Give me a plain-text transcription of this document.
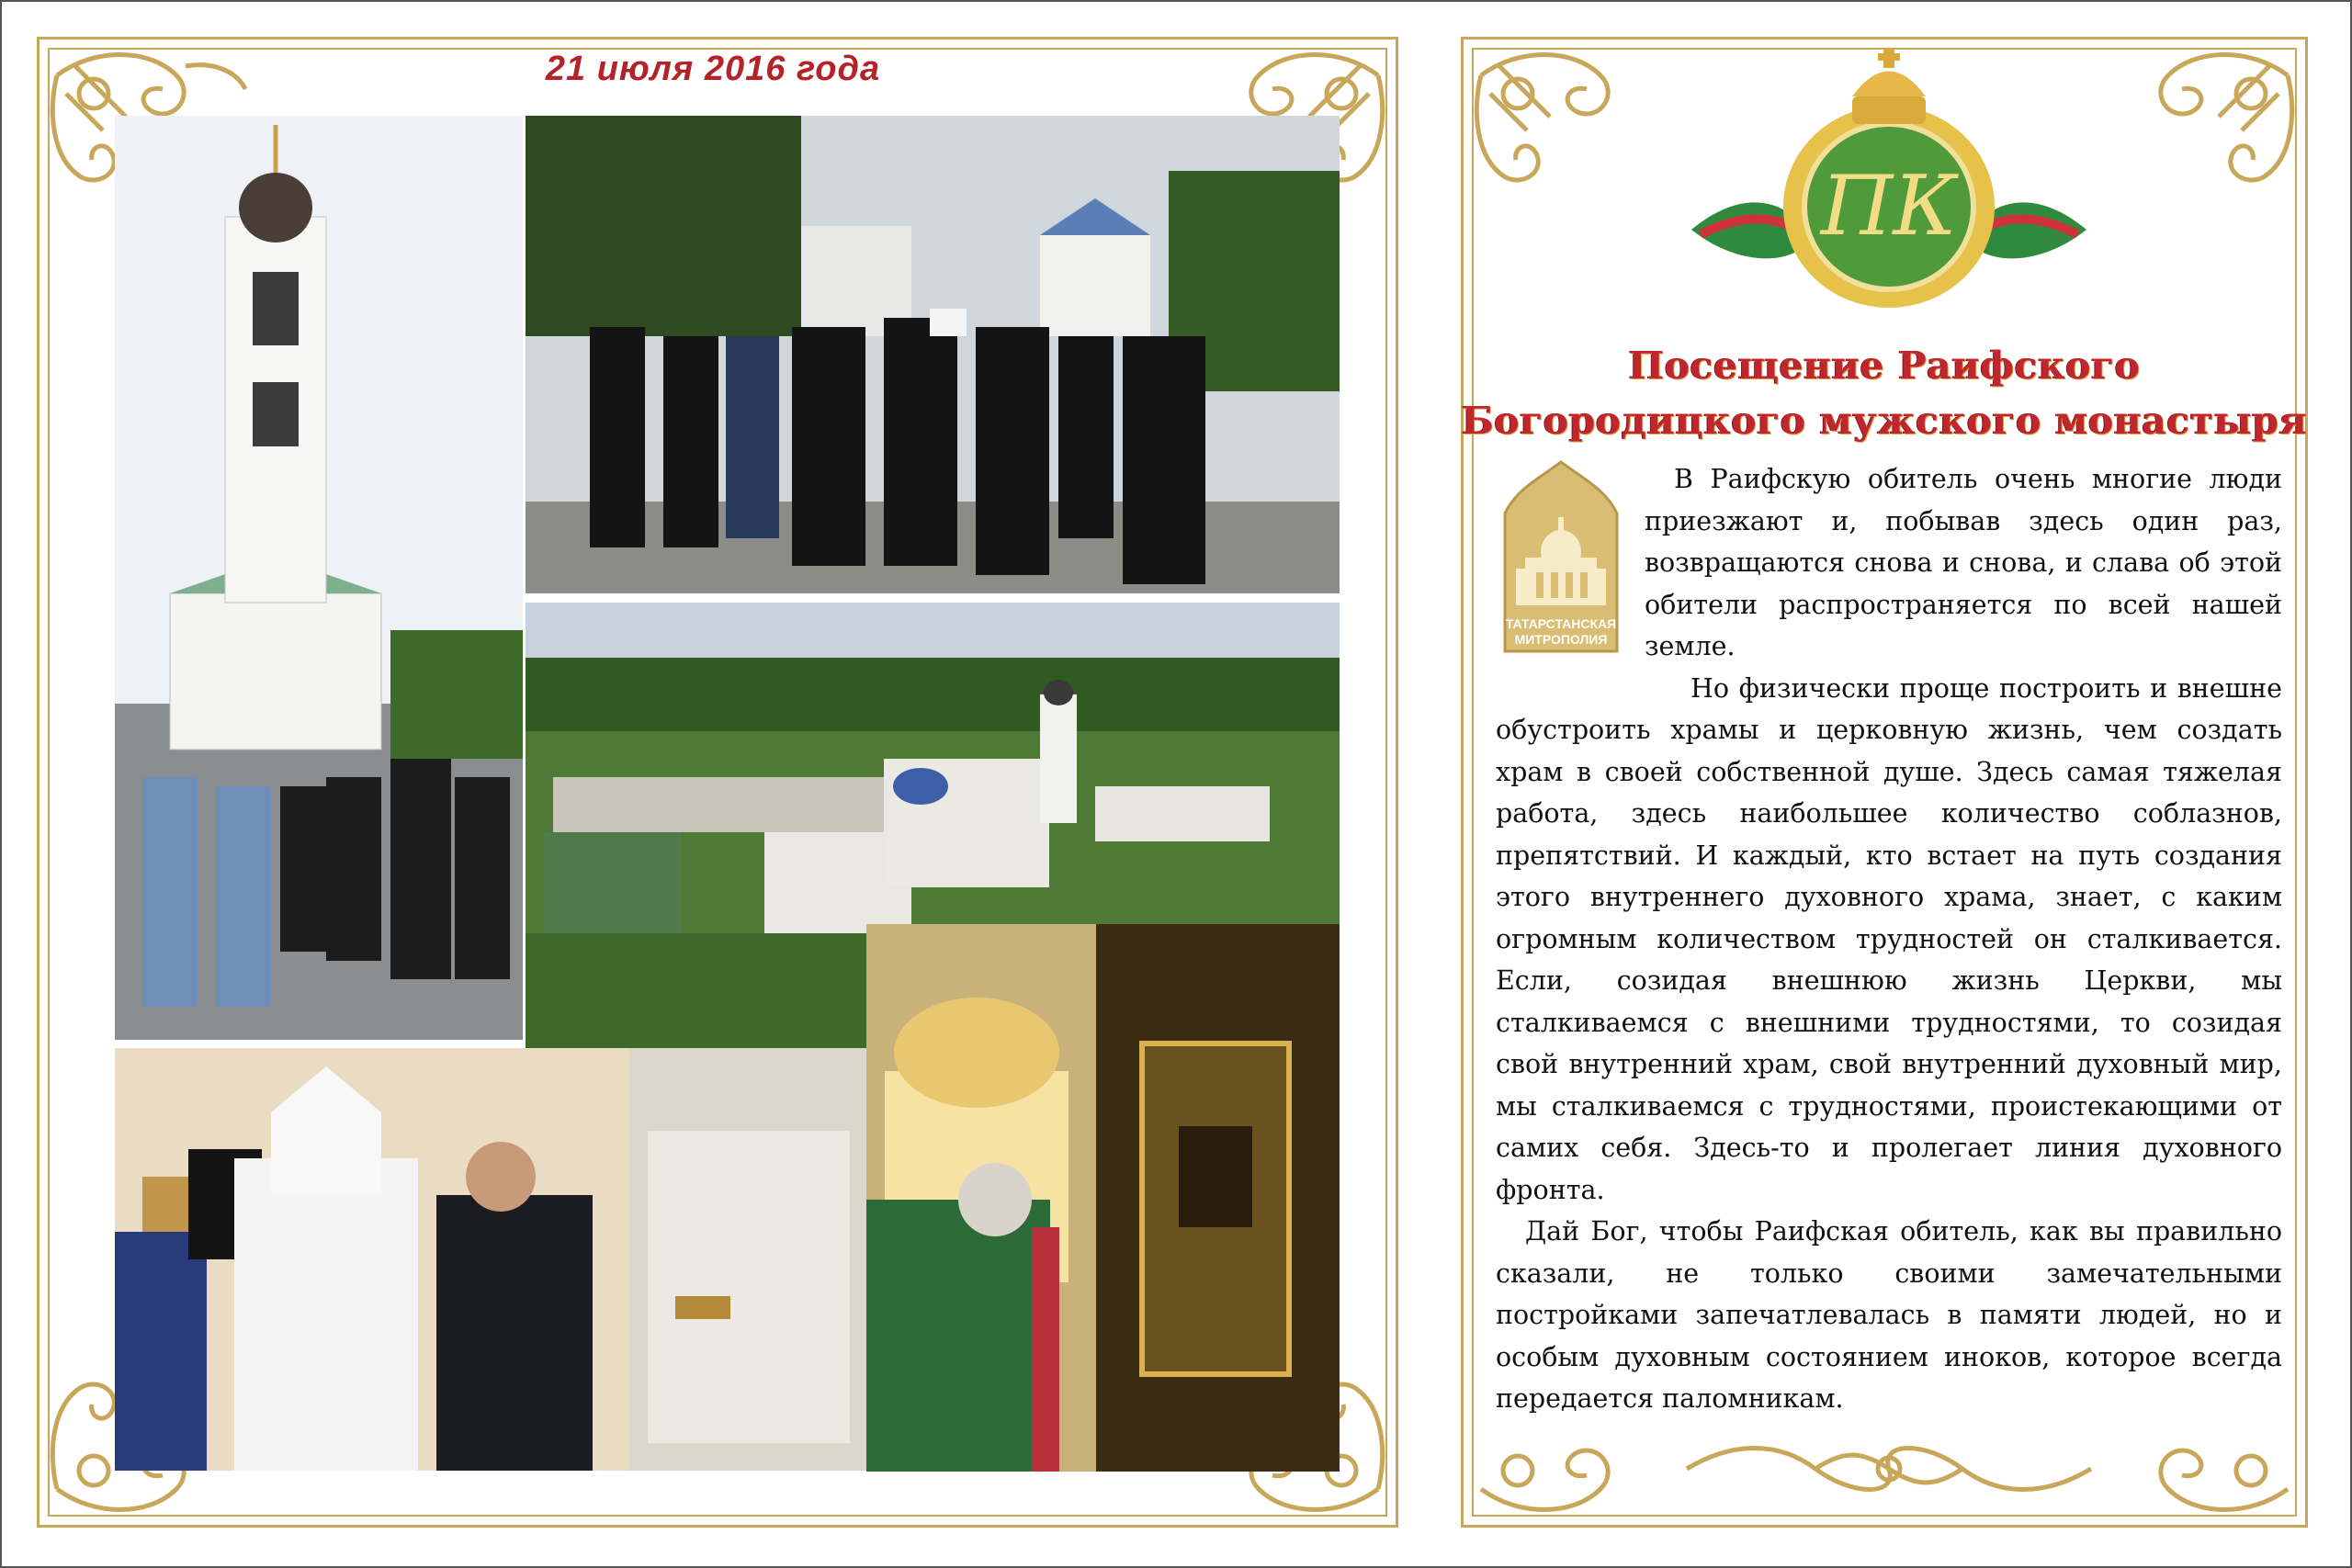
21 июля 2016 года
ПК
Посещение Раифского
Богородицкого мужского монастыря
ТАТАРСТАНСКАЯ
МИТРОПОЛИЯ

В Раифскую обитель очень многие люди приезжают и, побывав здесь один раз, возвращаются снова и снова, и слава об этой обители распространяется по всей нашей земле.

Но физически проще построить и внешне обустроить храмы и церковную жизнь, чем создать храм в своей собственной душе. Здесь самая тяжелая работа, здесь наибольшее количество соблазнов, препятствий. И каждый, кто встает на путь создания этого внутреннего духовного храма, знает, с каким огромным количеством трудностей он сталкивается. Если, созидая внешнюю жизнь Церкви, мы сталкиваемся с внешними трудностями, то созидая свой внутренний храм, свой внутренний духовный мир, мы сталкиваемся с трудностями, проистекающими от самих себя. Здесь-то и пролегает линия духовного фронта.

Дай Бог, чтобы Раифская обитель, как вы правильно сказали, не только своими замечательными постройками запечатлевалась в памяти людей, но и особым духовным состоянием иноков, которое всегда передается паломникам.
